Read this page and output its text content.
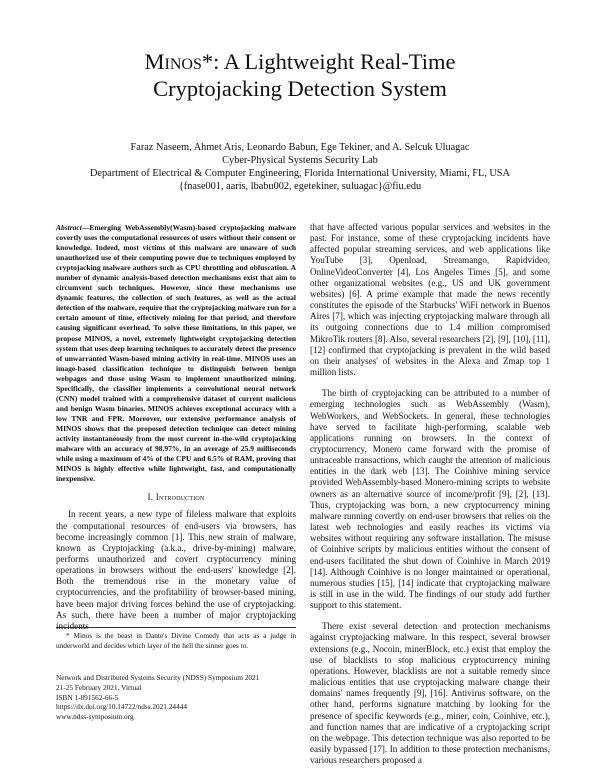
Minos*: A Lightweight Real-Time
Cryptojacking Detection System
Faraz Naseem, Ahmet Aris, Leonardo Babun, Ege Tekiner, and A. Selcuk Uluagac
Cyber-Physical Systems Security Lab
Department of Electrical & Computer Engineering, Florida International University, Miami, FL, USA
{fnase001, aaris, lbabu002, egetekiner, suluagac}@fiu.edu
Abstract—Emerging WebAssembly(Wasm)-based cryptojacking malware covertly uses the computational resources of users without their consent or knowledge. Indeed, most victims of this malware are unaware of such unauthorized use of their computing power due to techniques employed by cryptojacking malware authors such as CPU throttling and obfuscation. A number of dynamic analysis-based detection mechanisms exist that aim to circumvent such techniques. However, since these mechanisms use dynamic features, the collection of such features, as well as the actual detection of the malware, require that the cryptojacking malware run for a certain amount of time, effectively mining for that period, and therefore causing significant overhead. To solve these limitations, in this paper, we propose MINOS, a novel, extremely lightweight cryptojacking detection system that uses deep learning techniques to accurately detect the presence of unwarranted Wasm-based mining activity in real-time. MINOS uses an image-based classification technique to distinguish between benign webpages and those using Wasm to implement unauthorized mining. Specifically, the classifier implements a convolutional neural network (CNN) model trained with a comprehensive dataset of current malicious and benign Wasm binaries. MINOS achieves exceptional accuracy with a low TNR and FPR. Moreover, our extensive performance analysis of MINOS shows that the proposed detection technique can detect mining activity instantaneously from the most current in-the-wild cryptojacking malware with an accuracy of 98.97%, in an average of 25.9 milliseconds while using a maximum of 4% of the CPU and 6.5% of RAM, proving that MINOS is highly effective while lightweight, fast, and computationally inexpensive.
I. Introduction

In recent years, a new type of fileless malware that exploits the computational resources of end-users via browsers, has become increasingly common [1]. This new strain of malware, known as Cryptojacking (a.k.a., drive-by-mining) malware, performs unauthorized and covert cryptocurrency mining operations in browsers without the end-users' knowledge [2]. Both the tremendous rise in the monetary value of cryptocurrencies, and the profitability of browser-based mining, have been major driving forces behind the use of cryptojacking. As such, there have been a number of major cryptojacking incidents

* Minos is the beast in Dante's Divine Comedy that acts as a judge in underworld and decides which layer of the hell the sinner goes to.
Network and Distributed Systems Security (NDSS) Symposium 2021
21-25 February 2021, Virtual
ISBN 1-891562-66-5
https://dx.doi.org/10.14722/ndss.2021.24444
www.ndss-symposium.org

that have affected various popular services and websites in the past. For instance, some of these cryptojacking incidents have affected popular streaming services, and web applications like YouTube [3], Openload, Streamango, Rapidvideo, OnlineVideoConverter [4], Los Angeles Times [5], and some other organizational websites (e.g., US and UK government websites) [6]. A prime example that made the news recently constitutes the episode of the Starbucks' WiFi network in Buenos Aires [7], which was injecting cryptojacking malware through all its outgoing connections due to 1.4 million compromised MikroTik routers [8]. Also, several researchers [2], [9], [10], [11], [12] confirmed that cryptojacking is prevalent in the wild based on their analyses' of websites in the Alexa and Zmap top 1 million lists.

The birth of cryptojacking can be attributed to a number of emerging technologies such as WebAssembly (Wasm), WebWorkers, and WebSockets. In general, these technologies have served to facilitate high-performing, scalable web applications running on browsers. In the context of cryptocurrency, Monero came forward with the promise of untraceable transactions, which caught the attention of malicious entities in the dark web [13]. The Coinhive mining service provided WebAssembly-based Monero-mining scripts to website owners as an alternative source of income/profit [9], [2], [13]. Thus, cryptojacking was born, a new cryptocurrency mining malware running covertly on end-user browsers that relies on the latest web technologies and easily reaches its victims via websites without requiring any software installation. The misuse of Coinhive scripts by malicious entities without the consent of end-users facilitated the shut down of Coinhive in March 2019 [14]. Although Coinhive is no longer maintained or operational, numerous studies [15], [14] indicate that cryptojacking malware is still in use in the wild. The findings of our study add further support to this statement.

There exist several detection and protection mechanisms against cryptojacking malware. In this respect, several browser extensions (e.g., Nocoin, minerBlock, etc.) exist that employ the use of blacklists to stop malicious cryptocurrency mining operations. However, blacklists are not a suitable remedy since malicious entities that use cryptojacking malware change their domains' names frequently [9], [16]. Antivirus software, on the other hand, performs signature matching by looking for the presence of specific keywords (e.g., miner, coin, Coinhive, etc.), and function names that are indicative of a cryptojacking script on the webpage. This detection technique was also reported to be easily bypassed [17]. In addition to these protection mechanisms, various researchers proposed a
